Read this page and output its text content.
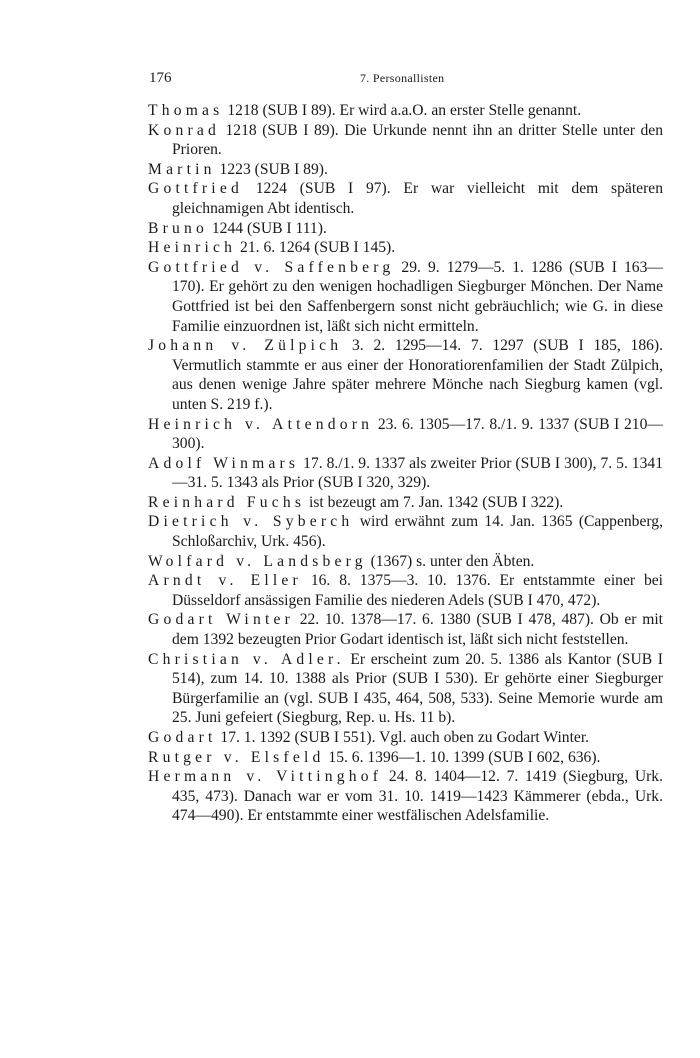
176	7. Personallisten

Thomas 1218 (SUB I 89). Er wird a.a.O. an erster Stelle genannt.

Konrad 1218 (SUB I 89). Die Urkunde nennt ihn an dritter Stelle unter den Prioren.

Martin 1223 (SUB I 89).

Gottfried 1224 (SUB I 97). Er war vielleicht mit dem späteren gleichnamigen Abt identisch.

Bruno 1244 (SUB I 111).

Heinrich 21. 6. 1264 (SUB I 145).

Gottfried v. Saffenberg 29. 9. 1279—5. 1. 1286 (SUB I 163—170). Er gehört zu den wenigen hochadligen Siegburger Mönchen. Der Name Gottfried ist bei den Saffenbergern sonst nicht gebräuchlich; wie G. in diese Familie einzuordnen ist, läßt sich nicht ermitteln.

Johann v. Zülpich 3. 2. 1295—14. 7. 1297 (SUB I 185, 186). Vermutlich stammte er aus einer der Honoratiorenfamilien der Stadt Zülpich, aus denen wenige Jahre später mehrere Mönche nach Siegburg kamen (vgl. unten S. 219 f.).

Heinrich v. Attendorn 23. 6. 1305—17. 8./1. 9. 1337 (SUB I 210—300).

Adolf Winmars 17. 8./1. 9. 1337 als zweiter Prior (SUB I 300), 7. 5. 1341—31. 5. 1343 als Prior (SUB I 320, 329).

Reinhard Fuchs ist bezeugt am 7. Jan. 1342 (SUB I 322).

Dietrich v. Syberch wird erwähnt zum 14. Jan. 1365 (Cappenberg, Schloßarchiv, Urk. 456).

Wolfard v. Landsberg (1367) s. unter den Äbten.

Arndt v. Eller 16. 8. 1375—3. 10. 1376. Er entstammte einer bei Düsseldorf ansässigen Familie des niederen Adels (SUB I 470, 472).

Godart Winter 22. 10. 1378—17. 6. 1380 (SUB I 478, 487). Ob er mit dem 1392 bezeugten Prior Godart identisch ist, läßt sich nicht feststellen.

Christian v. Adler. Er erscheint zum 20. 5. 1386 als Kantor (SUB I 514), zum 14. 10. 1388 als Prior (SUB I 530). Er gehörte einer Siegburger Bürgerfamilie an (vgl. SUB I 435, 464, 508, 533). Seine Memorie wurde am 25. Juni gefeiert (Siegburg, Rep. u. Hs. 11 b).

Godart 17. 1. 1392 (SUB I 551). Vgl. auch oben zu Godart Winter.

Rutger v. Elsfeld 15. 6. 1396—1. 10. 1399 (SUB I 602, 636).

Hermann v. Vittinghof 24. 8. 1404—12. 7. 1419 (Siegburg, Urk. 435, 473). Danach war er vom 31. 10. 1419—1423 Kämmerer (ebda., Urk. 474—490). Er entstammte einer westfälischen Adelsfamilie.
